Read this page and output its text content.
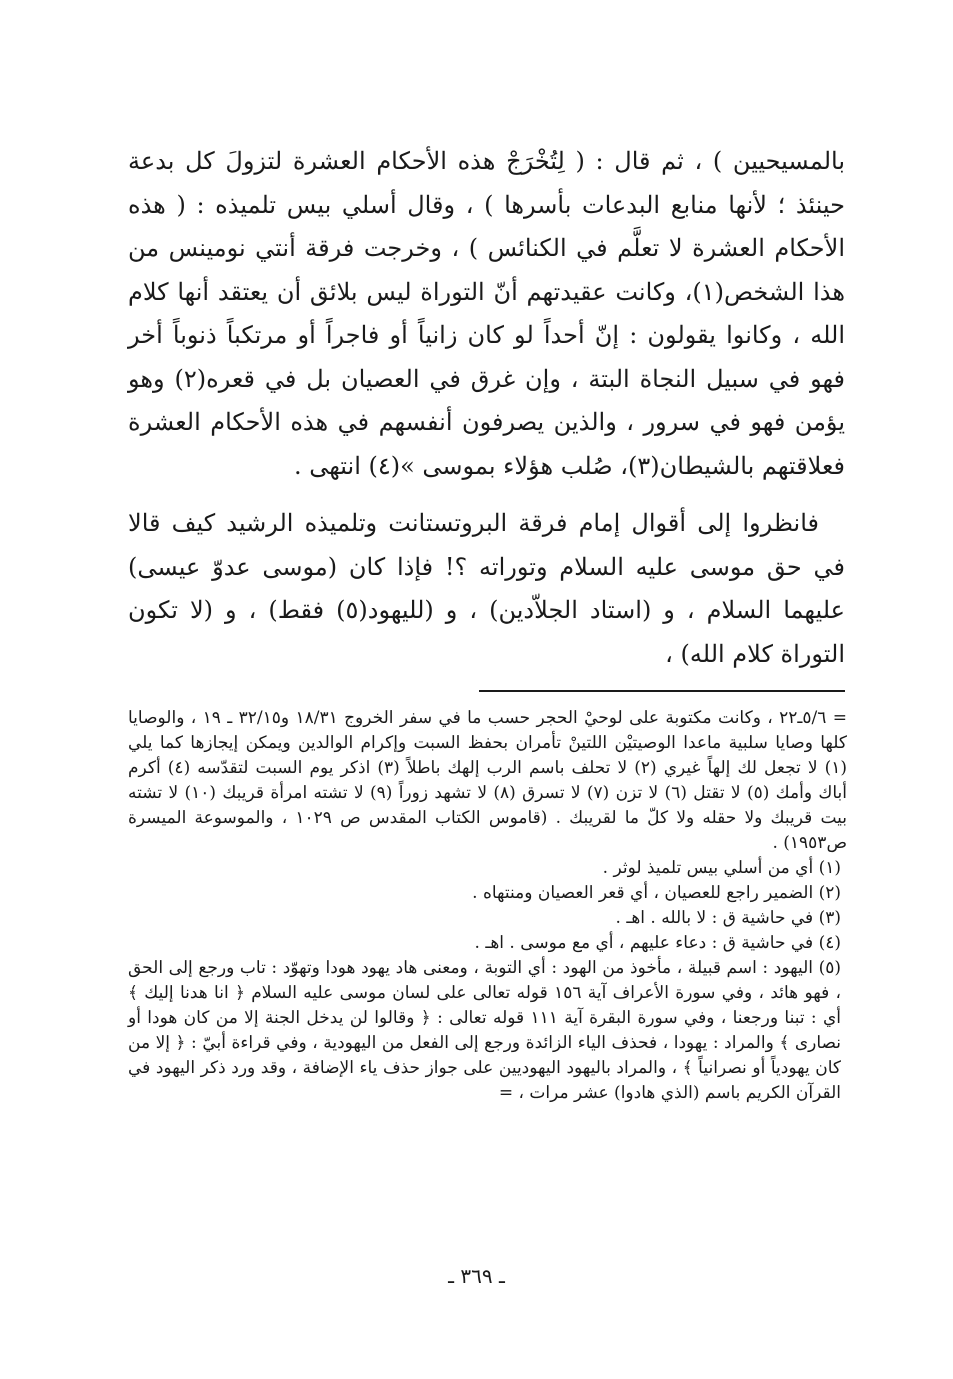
بالمسيحيين ) ، ثم قال : ( لِتُخْرَجْ هذه الأحكام العشرة لتزولَ كل بدعة حينئذ ؛ لأنها منابع البدعات بأسرها ) ، وقال أسلي بيس تلميذه : ( هذه الأحكام العشرة لا تعلَّم في الكنائس ) ، وخرجت فرقة أنتي نومينس من هذا الشخص(١)، وكانت عقيدتهم أنّ التوراة ليس بلائق أن يعتقد أنها كلام الله ، وكانوا يقولون : إنّ أحداً لو كان زانياً أو فاجراً أو مرتكباً ذنوباً أخر فهو في سبيل النجاة البتة ، وإن غرق في العصيان بل في قعره(٢) وهو يؤمن فهو في سرور ، والذين يصرفون أنفسهم في هذه الأحكام العشرة فعلاقتهم بالشيطان(٣)، صُلب هؤلاء بموسى »(٤) انتهى .

فانظروا إلى أقوال إمام فرقة البروتستانت وتلميذه الرشيد كيف قالا في حق موسى عليه السلام وتوراته ؟! فإذا كان (موسى عدوّ عيسى) عليهما السلام ، و (استاد الجلاّدين) ، و (لليهود(٥) فقط) ، و (لا تكون التوراة كلام الله) ،

= ٥/٦ـ٢٢ ، وكانت مكتوبة على لوحيْ الحجر حسب ما في سفر الخروج ١٨/٣١ و٣٢/١٥ ـ ١٩ ، والوصايا كلها وصايا سلبية ماعدا الوصيتيْن اللتينْ تأمران بحفظ السبت وإكرام الوالدين ويمكن إيجازها كما يلي (١) لا تجعل لك إلهاً غيري (٢) لا تحلف باسم الرب إلهك باطلاً (٣) اذكر يوم السبت لتقدّسه (٤) أكرم أباك وأمك (٥) لا تقتل (٦) لا تزن (٧) لا تسرق (٨) لا تشهد زوراً (٩) لا تشته امرأة قريبك (١٠) لا تشته بيت قريبك ولا حقله ولا كلّ ما لقريبك . (قاموس الكتاب المقدس ص ١٠٢٩ ، والموسوعة الميسرة ص١٩٥٣) .

(١) أي من أسلي بيس تلميذ لوثر .

(٢) الضمير راجع للعصيان ، أي قعر العصيان ومنتهاه .

(٣) في حاشية ق : لا بالله . اهـ .

(٤) في حاشية ق : دعاء عليهم ، أي مع موسى . اهـ .

(٥) اليهود : اسم قبيلة ، مأخوذ من الهود : أي التوبة ، ومعنى هاد يهود هودا وتهوّد : تاب ورجع إلى الحق ، فهو هائد ، وفي سورة الأعراف آية ١٥٦ قوله تعالى على لسان موسى عليه السلام ﴿ انا هدنا إليك ﴾ أي : تبنا ورجعنا ، وفي سورة البقرة آية ١١١ قوله تعالى : ﴿ وقالوا لن يدخل الجنة إلا من كان هودا أو نصارى ﴾ والمراد : يهودا ، فحذف الياء الزائدة ورجع إلى الفعل من اليهودية ، وفي قراءة أبيّ : ﴿ إلا من كان يهودياً أو نصرانياً ﴾ ، والمراد باليهود اليهوديين على جواز حذف ياء الإضافة ، وقد ورد ذكر اليهود في القرآن الكريم باسم (الذي هادوا) عشر مرات ، =

ـ ٣٦٩ ـ
